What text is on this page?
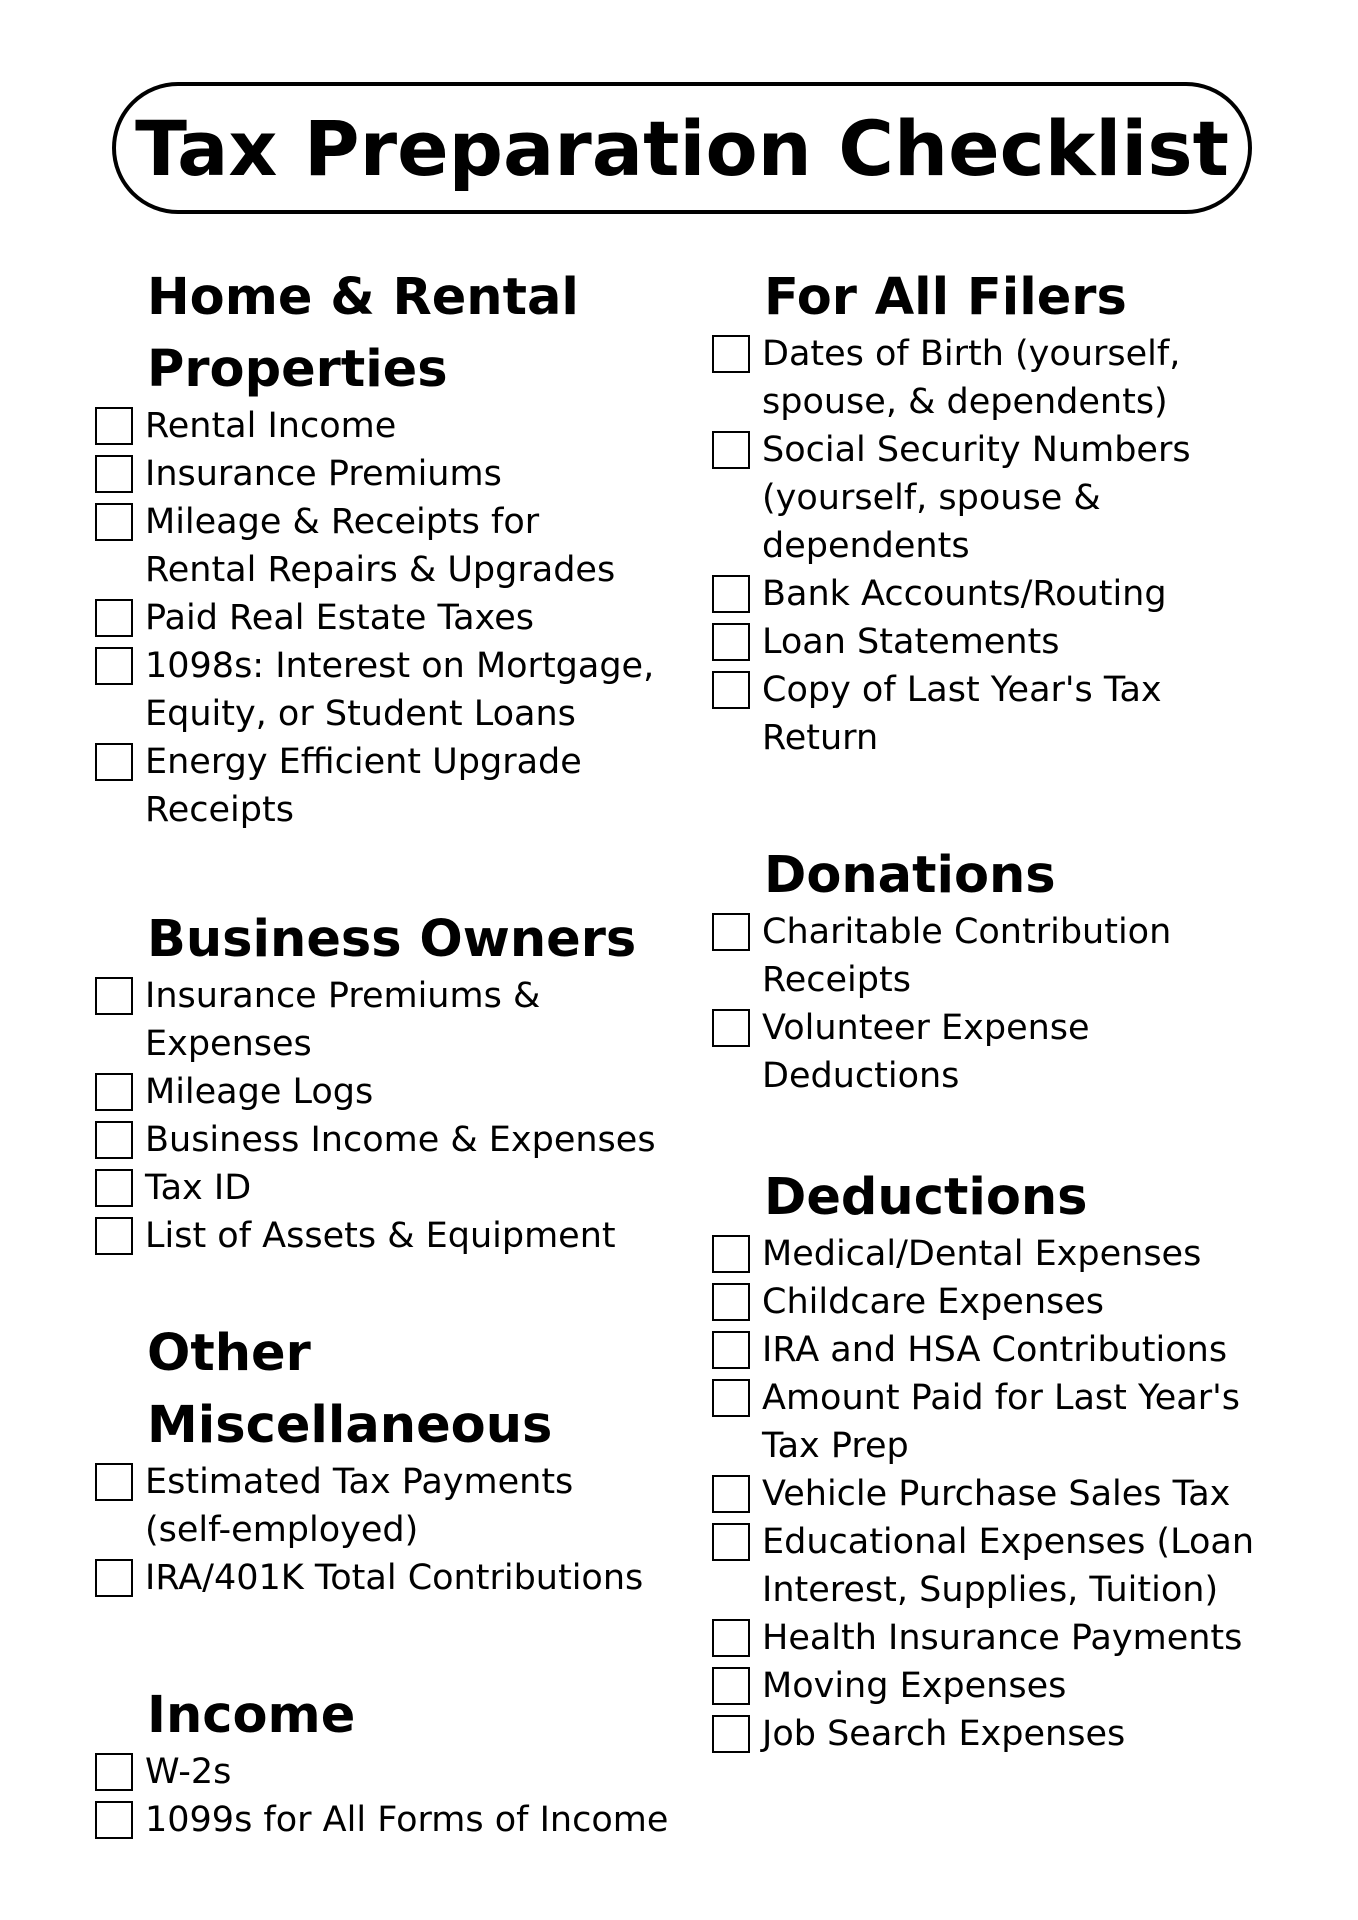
Tax Preparation Checklist
Home & Rental Properties
Rental Income
Insurance Premiums
Mileage & Receipts for
Rental Repairs & Upgrades
Paid Real Estate Taxes
1098s: Interest on Mortgage,
Equity, or Student Loans
Energy Efficient Upgrade
Receipts
Business Owners
Insurance Premiums &
Expenses
Mileage Logs
Business Income & Expenses
Tax ID
List of Assets & Equipment
Other Miscellaneous
Estimated Tax Payments
(self-employed)
IRA/401K Total Contributions
Income
W-2s
1099s for All Forms of Income
For All Filers
Dates of Birth (yourself,
spouse, & dependents)
Social Security Numbers
(yourself, spouse &
dependents
Bank Accounts/Routing
Loan Statements
Copy of Last Year's Tax
Return
Donations
Charitable Contribution
Receipts
Volunteer Expense
Deductions
Deductions
Medical/Dental Expenses
Childcare Expenses
IRA and HSA Contributions
Amount Paid for Last Year's
Tax Prep
Vehicle Purchase Sales Tax
Educational Expenses (Loan
Interest, Supplies, Tuition)
Health Insurance Payments
Moving Expenses
Job Search Expenses
